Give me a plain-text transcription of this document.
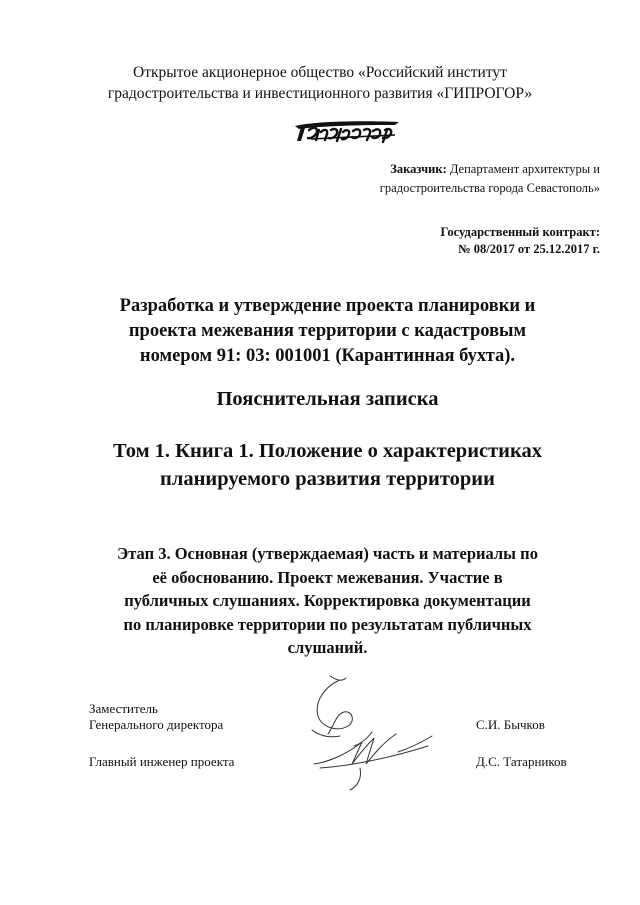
Открытое акционерное общество «Российский институт
градостроительства и инвестиционного развития «ГИПРОГОР»
Заказчик: Департамент архитектуры и
градостроительства города Севастополь»
Государственный контракт:
№ 08/2017 от 25.12.2017 г.
Разработка и утверждение проекта планировки и
проекта межевания территории с кадастровым
номером 91: 03: 001001 (Карантинная бухта).
Пояснительная записка
Том 1. Книга 1. Положение о характеристиках
планируемого развития территории
Этап 3. Основная (утверждаемая) часть и материалы по
её обоснованию. Проект межевания. Участие в
публичных слушаниях. Корректировка документации
по планировке территории по результатам публичных
слушаний.
Заместитель
Генерального директора	С.И. Бычков
Главный инженер проекта	Д.С. Татарников
